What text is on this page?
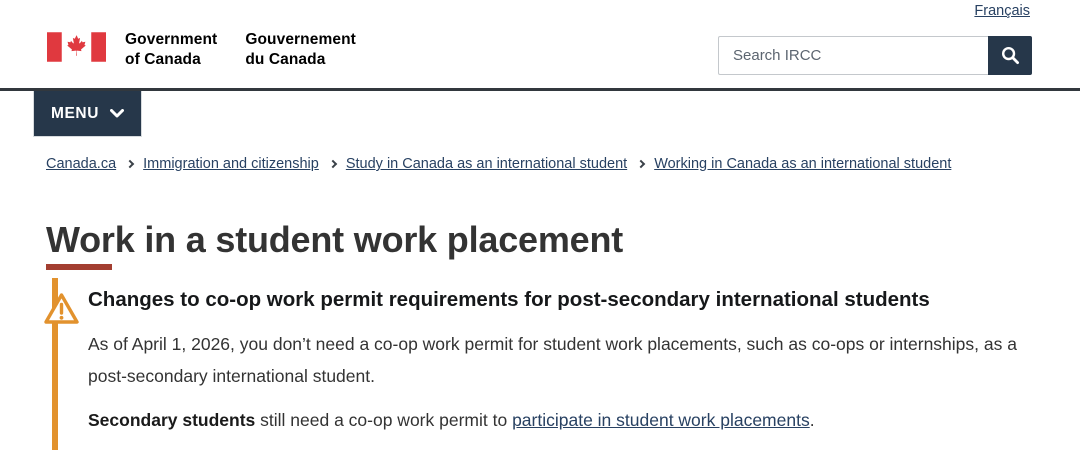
Français
Government
of Canada
Gouvernement
du Canada
Search IRCC
MENU
Canada.ca Immigration and citizenship Study in Canada as an international student Working in Canada as an international student
Work in a student work placement
Changes to co-op work permit requirements for post-secondary international students

As of April 1, 2026, you don’t need a co-op work permit for student work placements, such as co-ops or internships, as a post-secondary international student.

Secondary students still need a co-op work permit to participate in student work placements.
